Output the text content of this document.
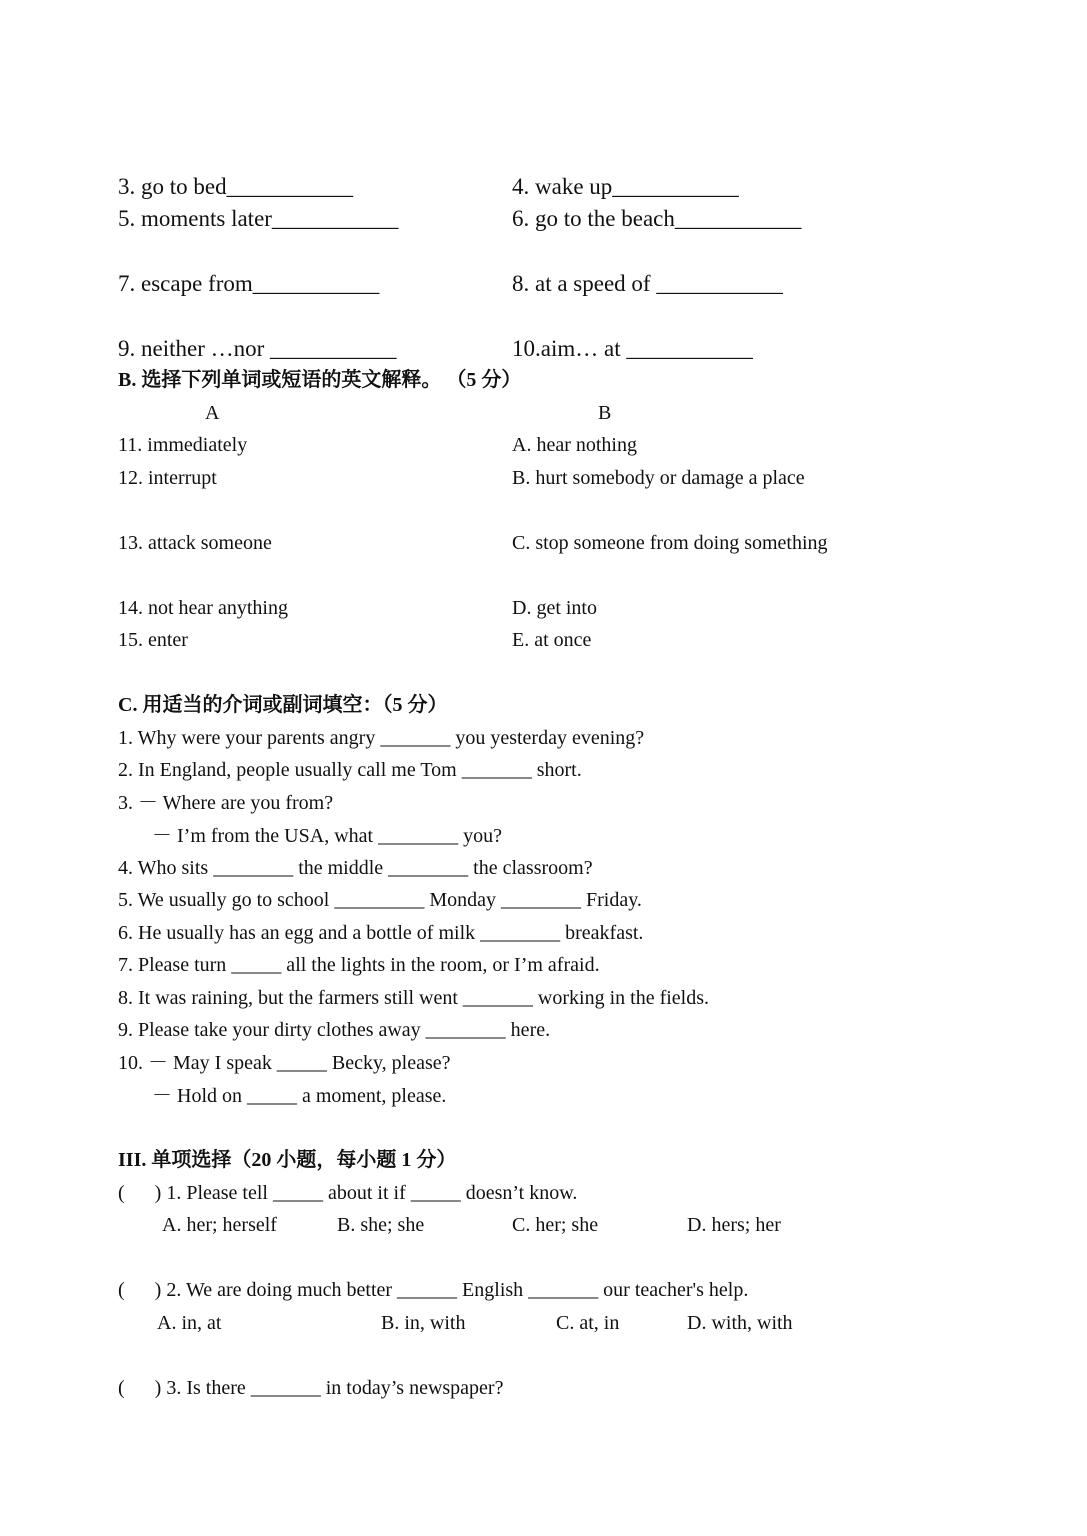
3. go to bed___________	4. wake up___________
5. moments later___________	6. go to the beach___________
7. escape from___________	8. at a speed of ___________
9. neither …nor ___________	10.aim… at ___________
B. 选择下列单词或短语的英文解释。 （5 分）
A	B
11. immediately	A. hear nothing
12. interrupt	B. hurt somebody or damage a place
13. attack someone	C. stop someone from doing something
14. not hear anything	D. get into
15. enter	E. at once
C. 用适当的介词或副词填空：（5 分）
1. Why were your parents angry _______ you yesterday evening?
2. In England, people usually call me Tom _______ short.
3. － Where are you from?
－ I’m from the USA, what ________ you?
4. Who sits ________ the middle ________ the classroom?
5. We usually go to school _________ Monday ________ Friday.
6. He usually has an egg and a bottle of milk ________ breakfast.
7. Please turn _____ all the lights in the room, or I’m afraid.
8. It was raining, but the farmers still went _______ working in the fields.
9. Please take your dirty clothes away ________ here.
10. － May I speak _____ Becky, please?
－ Hold on _____ a moment, please.
III. 单项选择（20 小题，每小题 1 分）
(      ) 1. Please tell _____ about it if _____ doesn’t know.
A. her; herself	B. she; she	C. her; she	D. hers; her
(      ) 2. We are doing much better ______ English _______ our teacher's help.
A. in, at	B. in, with	C. at, in	D. with, with
(      ) 3. Is there _______ in today’s newspaper?
